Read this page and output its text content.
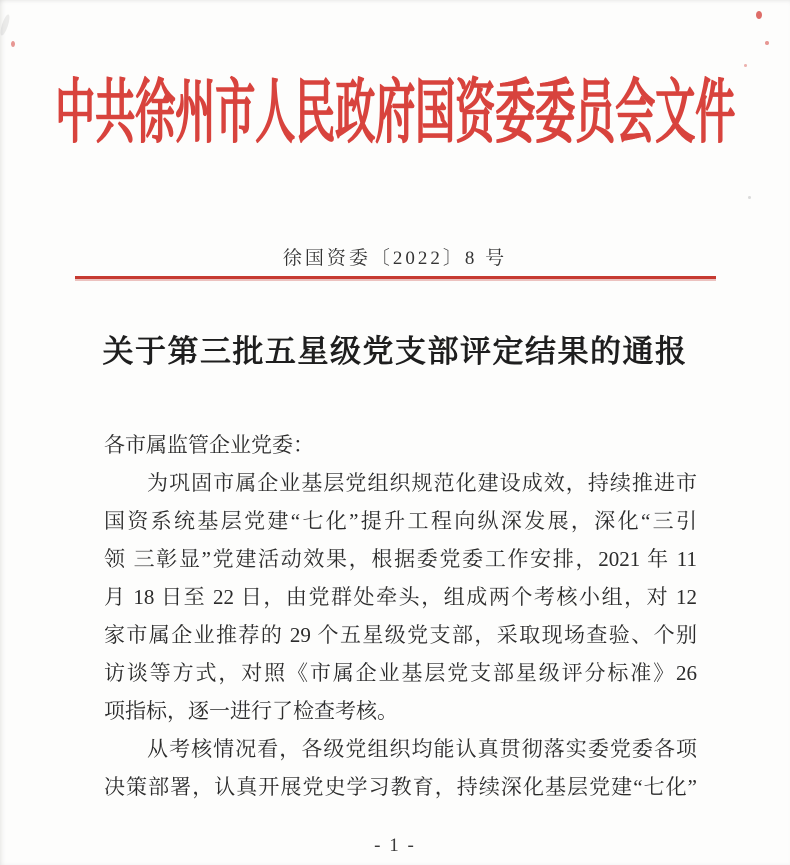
中共徐州市人民政府国资委委员会文件
徐国资委〔2022〕8 号
关于第三批五星级党支部评定结果的通报
各市属监管企业党委：
为巩固市属企业基层党组织规范化建设成效，持续推进市
国资系统基层党建“七化”提升工程向纵深发展，深化“三引
领 三彰显”党建活动效果，根据委党委工作安排，2021 年 11
月 18 日至 22 日，由党群处牵头，组成两个考核小组，对 12
家市属企业推荐的 29 个五星级党支部，采取现场查验、个别
访谈等方式，对照《市属企业基层党支部星级评分标准》26
项指标，逐一进行了检查考核。
从考核情况看，各级党组织均能认真贯彻落实委党委各项
决策部署，认真开展党史学习教育，持续深化基层党建“七化”
- 1 -
